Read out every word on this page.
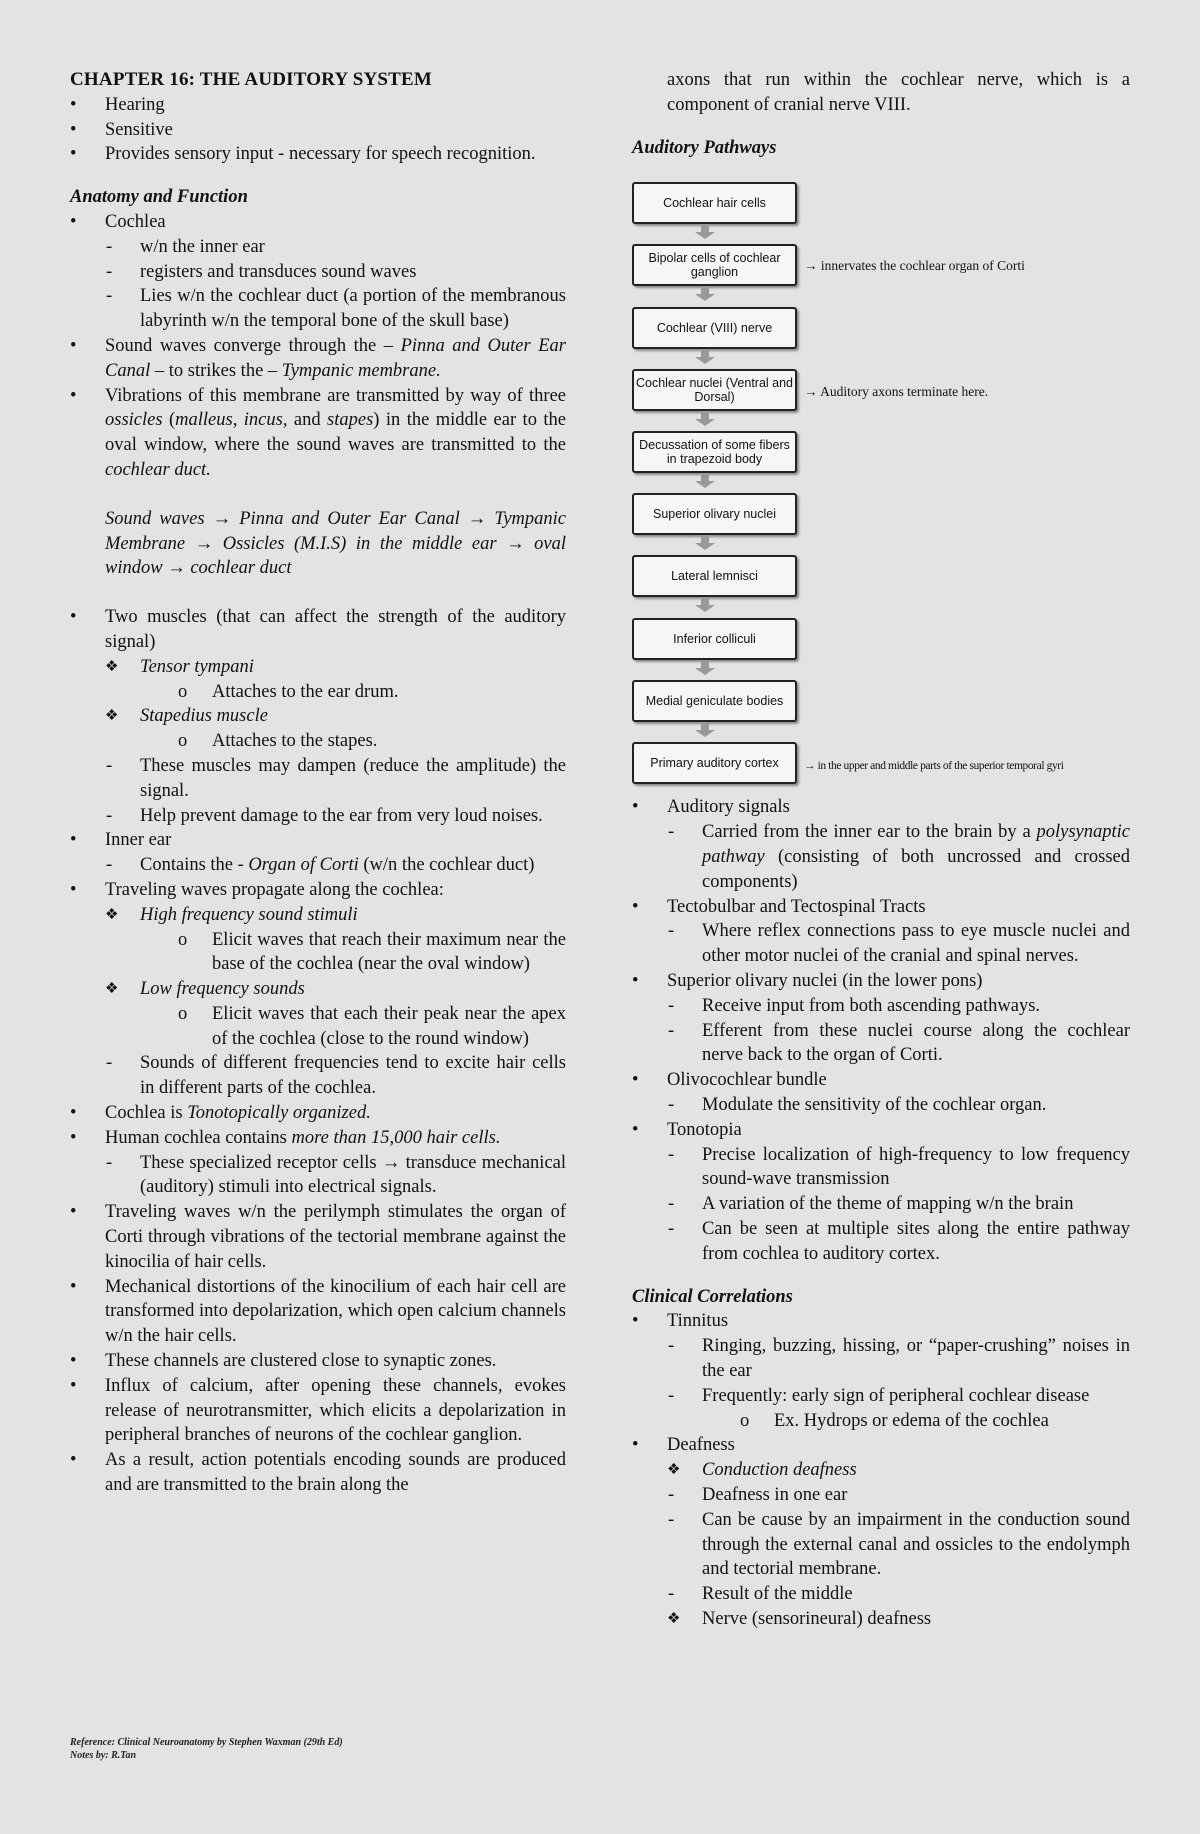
CHAPTER 16: THE AUDITORY SYSTEM
• Hearing
• Sensitive
• Provides sensory input - necessary for speech recognition.
Anatomy and Function
• Cochlea
- w/n the inner ear
- registers and transduces sound waves
- Lies w/n the cochlear duct (a portion of the membranous labyrinth w/n the temporal bone of the skull base)
• Sound waves converge through the – Pinna and Outer Ear Canal – to strikes the – Tympanic membrane.
• Vibrations of this membrane are transmitted by way of three ossicles (malleus, incus, and stapes) in the middle ear to the oval window, where the sound waves are transmitted to the cochlear duct.
Sound waves → Pinna and Outer Ear Canal → Tympanic Membrane → Ossicles (M.I.S) in the middle ear → oval window → cochlear duct
• Two muscles (that can affect the strength of the auditory signal)
❖ Tensor tympani
o Attaches to the ear drum.
❖ Stapedius muscle
o Attaches to the stapes.
- These muscles may dampen (reduce the amplitude) the signal.
- Help prevent damage to the ear from very loud noises.
• Inner ear
- Contains the - Organ of Corti (w/n the cochlear duct)
• Traveling waves propagate along the cochlea:
❖ High frequency sound stimuli
o Elicit waves that reach their maximum near the base of the cochlea (near the oval window)
❖ Low frequency sounds
o Elicit waves that each their peak near the apex of the cochlea (close to the round window)
- Sounds of different frequencies tend to excite hair cells in different parts of the cochlea.
• Cochlea is Tonotopically organized.
• Human cochlea contains more than 15,000 hair cells.
- These specialized receptor cells → transduce mechanical (auditory) stimuli into electrical signals.
• Traveling waves w/n the perilymph stimulates the organ of Corti through vibrations of the tectorial membrane against the kinocilia of hair cells.
• Mechanical distortions of the kinocilium of each hair cell are transformed into depolarization, which open calcium channels w/n the hair cells.
• These channels are clustered close to synaptic zones.
• Influx of calcium, after opening these channels, evokes release of neurotransmitter, which elicits a depolarization in peripheral branches of neurons of the cochlear ganglion.
• As a result, action potentials encoding sounds are produced and are transmitted to the brain along the
axons that run within the cochlear nerve, which is a component of cranial nerve VIII.
Auditory Pathways
Cochlear hair cells
Bipolar cells of cochlear ganglion	→ innervates the cochlear organ of Corti
Cochlear (VIII) nerve
Cochlear nuclei (Ventral and Dorsal)	→ Auditory axons terminate here.
Decussation of some fibers in trapezoid body
Superior olivary nuclei
Lateral lemnisci
Inferior colliculi
Medial geniculate bodies
Primary auditory cortex	→ in the upper and middle parts of the superior temporal gyri
• Auditory signals
- Carried from the inner ear to the brain by a polysynaptic pathway (consisting of both uncrossed and crossed components)
• Tectobulbar and Tectospinal Tracts
- Where reflex connections pass to eye muscle nuclei and other motor nuclei of the cranial and spinal nerves.
• Superior olivary nuclei (in the lower pons)
- Receive input from both ascending pathways.
- Efferent from these nuclei course along the cochlear nerve back to the organ of Corti.
• Olivocochlear bundle
- Modulate the sensitivity of the cochlear organ.
• Tonotopia
- Precise localization of high-frequency to low frequency sound-wave transmission
- A variation of the theme of mapping w/n the brain
- Can be seen at multiple sites along the entire pathway from cochlea to auditory cortex.
Clinical Correlations
• Tinnitus
- Ringing, buzzing, hissing, or “paper-crushing” noises in the ear
- Frequently: early sign of peripheral cochlear disease
o Ex. Hydrops or edema of the cochlea
• Deafness
❖ Conduction deafness
- Deafness in one ear
- Can be cause by an impairment in the conduction sound through the external canal and ossicles to the endolymph and tectorial membrane.
- Result of the middle
❖ Nerve (sensorineural) deafness
Reference: Clinical Neuroanatomy by Stephen Waxman (29th Ed)
Notes by: R.Tan
